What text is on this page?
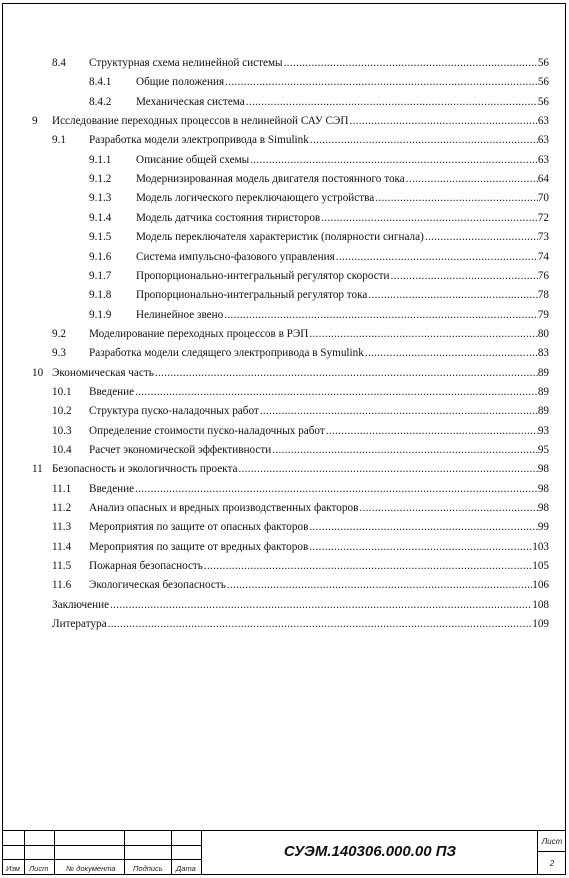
8.4	Структурная схема нелинейной системы .....	56
8.4.1	Общие положения .....	56
8.4.2	Механическая система .....	56
9	Исследование переходных процессов в нелинейной САУ СЭП .....	63
9.1	Разработка модели электропривода в Simulink .....	63
9.1.1	Описание общей схемы .....	63
9.1.2	Модернизированная модель двигателя постоянного тока .....	64
9.1.3	Модель логического переключающего устройства .....	70
9.1.4	Модель датчика состояния тиристоров .....	72
9.1.5	Модель переключателя характеристик (полярности сигнала) .....	73
9.1.6	Система импульсно-фазового управления .....	74
9.1.7	Пропорционально-интегральный регулятор скорости .....	76
9.1.8	Пропорционально-интегральный регулятор тока .....	78
9.1.9	Нелинейное звено .....	79
9.2	Моделирование переходных процессов в РЭП .....	80
9.3	Разработка модели следящего электропривода в Symulink .....	83
10 Экономическая часть .....	89
10.1	Введение .....	89
10.2	Структура пуско-наладочных работ .....	89
10.3	Определение стоимости пуско-наладочных работ .....	93
10.4	Расчет экономической эффективности .....	95
11 Безопасность и экологичность проекта .....	98
11.1	Введение .....	98
11.2	Анализ опасных и вредных производственных факторов .....	98
11.3	Мероприятия по защите от опасных факторов .....	99
11.4	Мероприятия по защите от вредных факторов .....	103
11.5	Пожарная безопасность .....	105
11.6	Экологическая безопасность .....	106
Заключение .....	108
Литература .....	109
Изм Лист № документа Подпись Дата
СУЭМ.140306.000.00 ПЗ
Лист
2
